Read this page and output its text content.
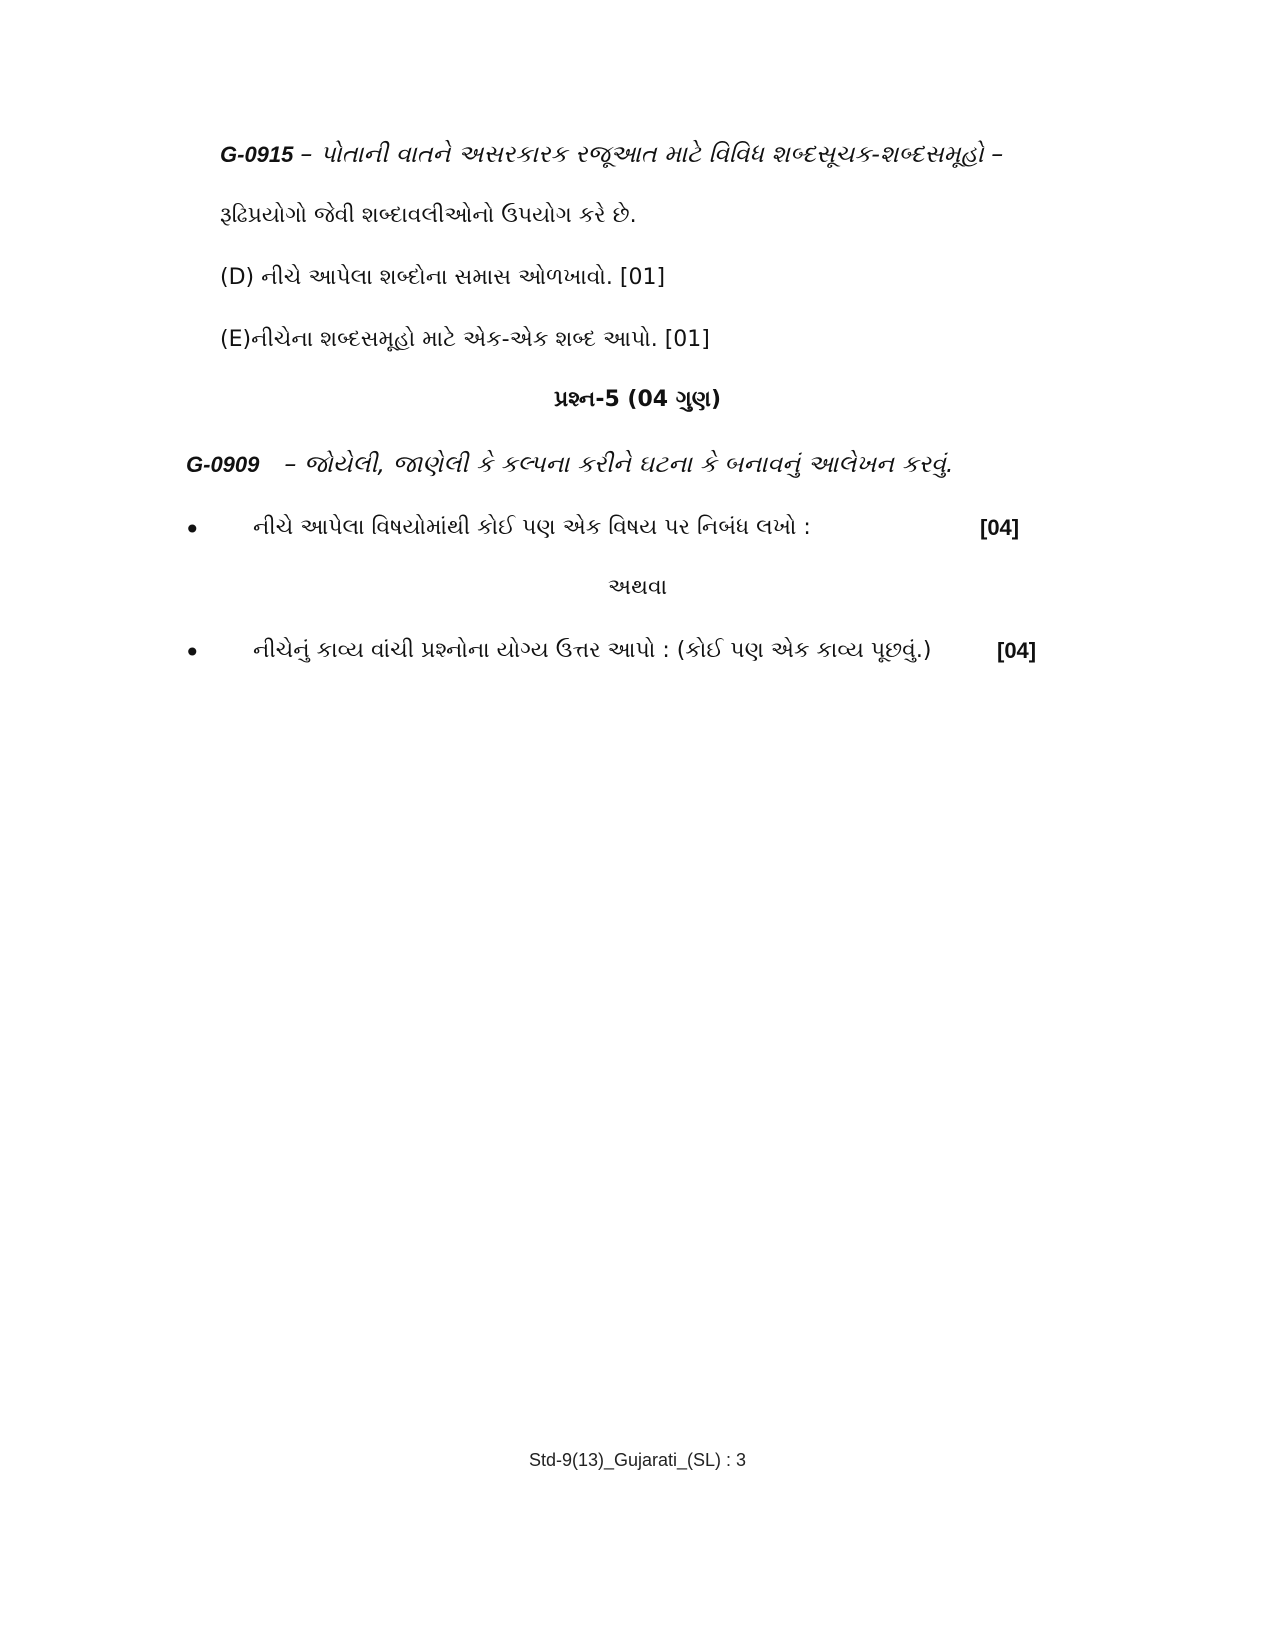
G-0915 – પોતાની વાતને અસરકારક રજૂઆત માટે વિવિધ શબ્દસૂચક-શબ્દસમૂહો –
રૂઢિપ્રયોગો જેવી શબ્દાવલીઓનો ઉપયોગ કરે છે.
(D) નીચે આપેલા શબ્દોના સમાસ ઓળખાવો. [01]
(E)નીચેના શબ્દસમૂહો માટે એક-એક શબ્દ આપો. [01]
પ્રશ્ન-5 (04 ગુણ)
G-0909 – જોયેલી, જાણેલી કે કલ્પના કરીને ઘટના કે બનાવનું આલેખન કરવું.
• નીચે આપેલા વિષયોમાંથી કોઈ પણ એક વિષય પર નિબંધ લખો :	[04]
અથવા
• નીચેનું કાવ્ય વાંચી પ્રશ્નોના યોગ્ય ઉત્તર આપો : (કોઈ પણ એક કાવ્ય પૂછવું.)	[04]
Std-9(13)_Gujarati_(SL) : 3
